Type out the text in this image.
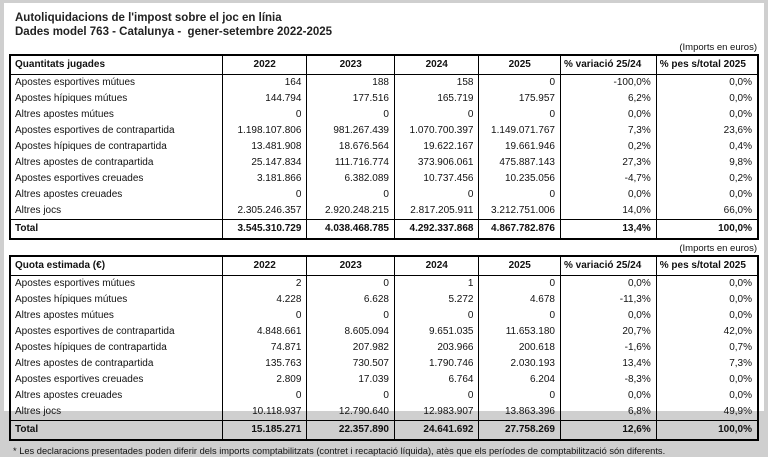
Autoliquidacions de l'impost sobre el joc en línia
Dades model 763 - Catalunya -  gener-setembre 2022-2025
(Imports en euros)
Quantitats jugades	2022	2023	2024	2025	% variació 25/24	% pes s/total 2025
Apostes esportives mútues	164	188	158	0	-100,0%	0,0%
Apostes hípiques mútues	144.794	177.516	165.719	175.957	6,2%	0,0%
Altres apostes mútues	0	0	0	0	0,0%	0,0%
Apostes esportives de contrapartida	1.198.107.806	981.267.439	1.070.700.397	1.149.071.767	7,3%	23,6%
Apostes hípiques de contrapartida	13.481.908	18.676.564	19.622.167	19.661.946	0,2%	0,4%
Altres apostes de contrapartida	25.147.834	111.716.774	373.906.061	475.887.143	27,3%	9,8%
Apostes esportives creuades	3.181.866	6.382.089	10.737.456	10.235.056	-4,7%	0,2%
Altres apostes creuades	0	0	0	0	0,0%	0,0%
Altres jocs	2.305.246.357	2.920.248.215	2.817.205.911	3.212.751.006	14,0%	66,0%
Total	3.545.310.729	4.038.468.785	4.292.337.868	4.867.782.876	13,4%	100,0%
(Imports en euros)
Quota estimada (€)	2022	2023	2024	2025	% variació 25/24	% pes s/total 2025
Apostes esportives mútues	2	0	1	0	0,0%	0,0%
Apostes hípiques mútues	4.228	6.628	5.272	4.678	-11,3%	0,0%
Altres apostes mútues	0	0	0	0	0,0%	0,0%
Apostes esportives de contrapartida	4.848.661	8.605.094	9.651.035	11.653.180	20,7%	42,0%
Apostes hípiques de contrapartida	74.871	207.982	203.966	200.618	-1,6%	0,7%
Altres apostes de contrapartida	135.763	730.507	1.790.746	2.030.193	13,4%	7,3%
Apostes esportives creuades	2.809	17.039	6.764	6.204	-8,3%	0,0%
Altres apostes creuades	0	0	0	0	0,0%	0,0%
Altres jocs	10.118.937	12.790.640	12.983.907	13.863.396	6,8%	49,9%
Total	15.185.271	22.357.890	24.641.692	27.758.269	12,6%	100,0%
* Les declaracions presentades poden diferir dels imports comptabilitzats (contret i recaptació líquida), atès que els períodes de comptabilització són diferents.
